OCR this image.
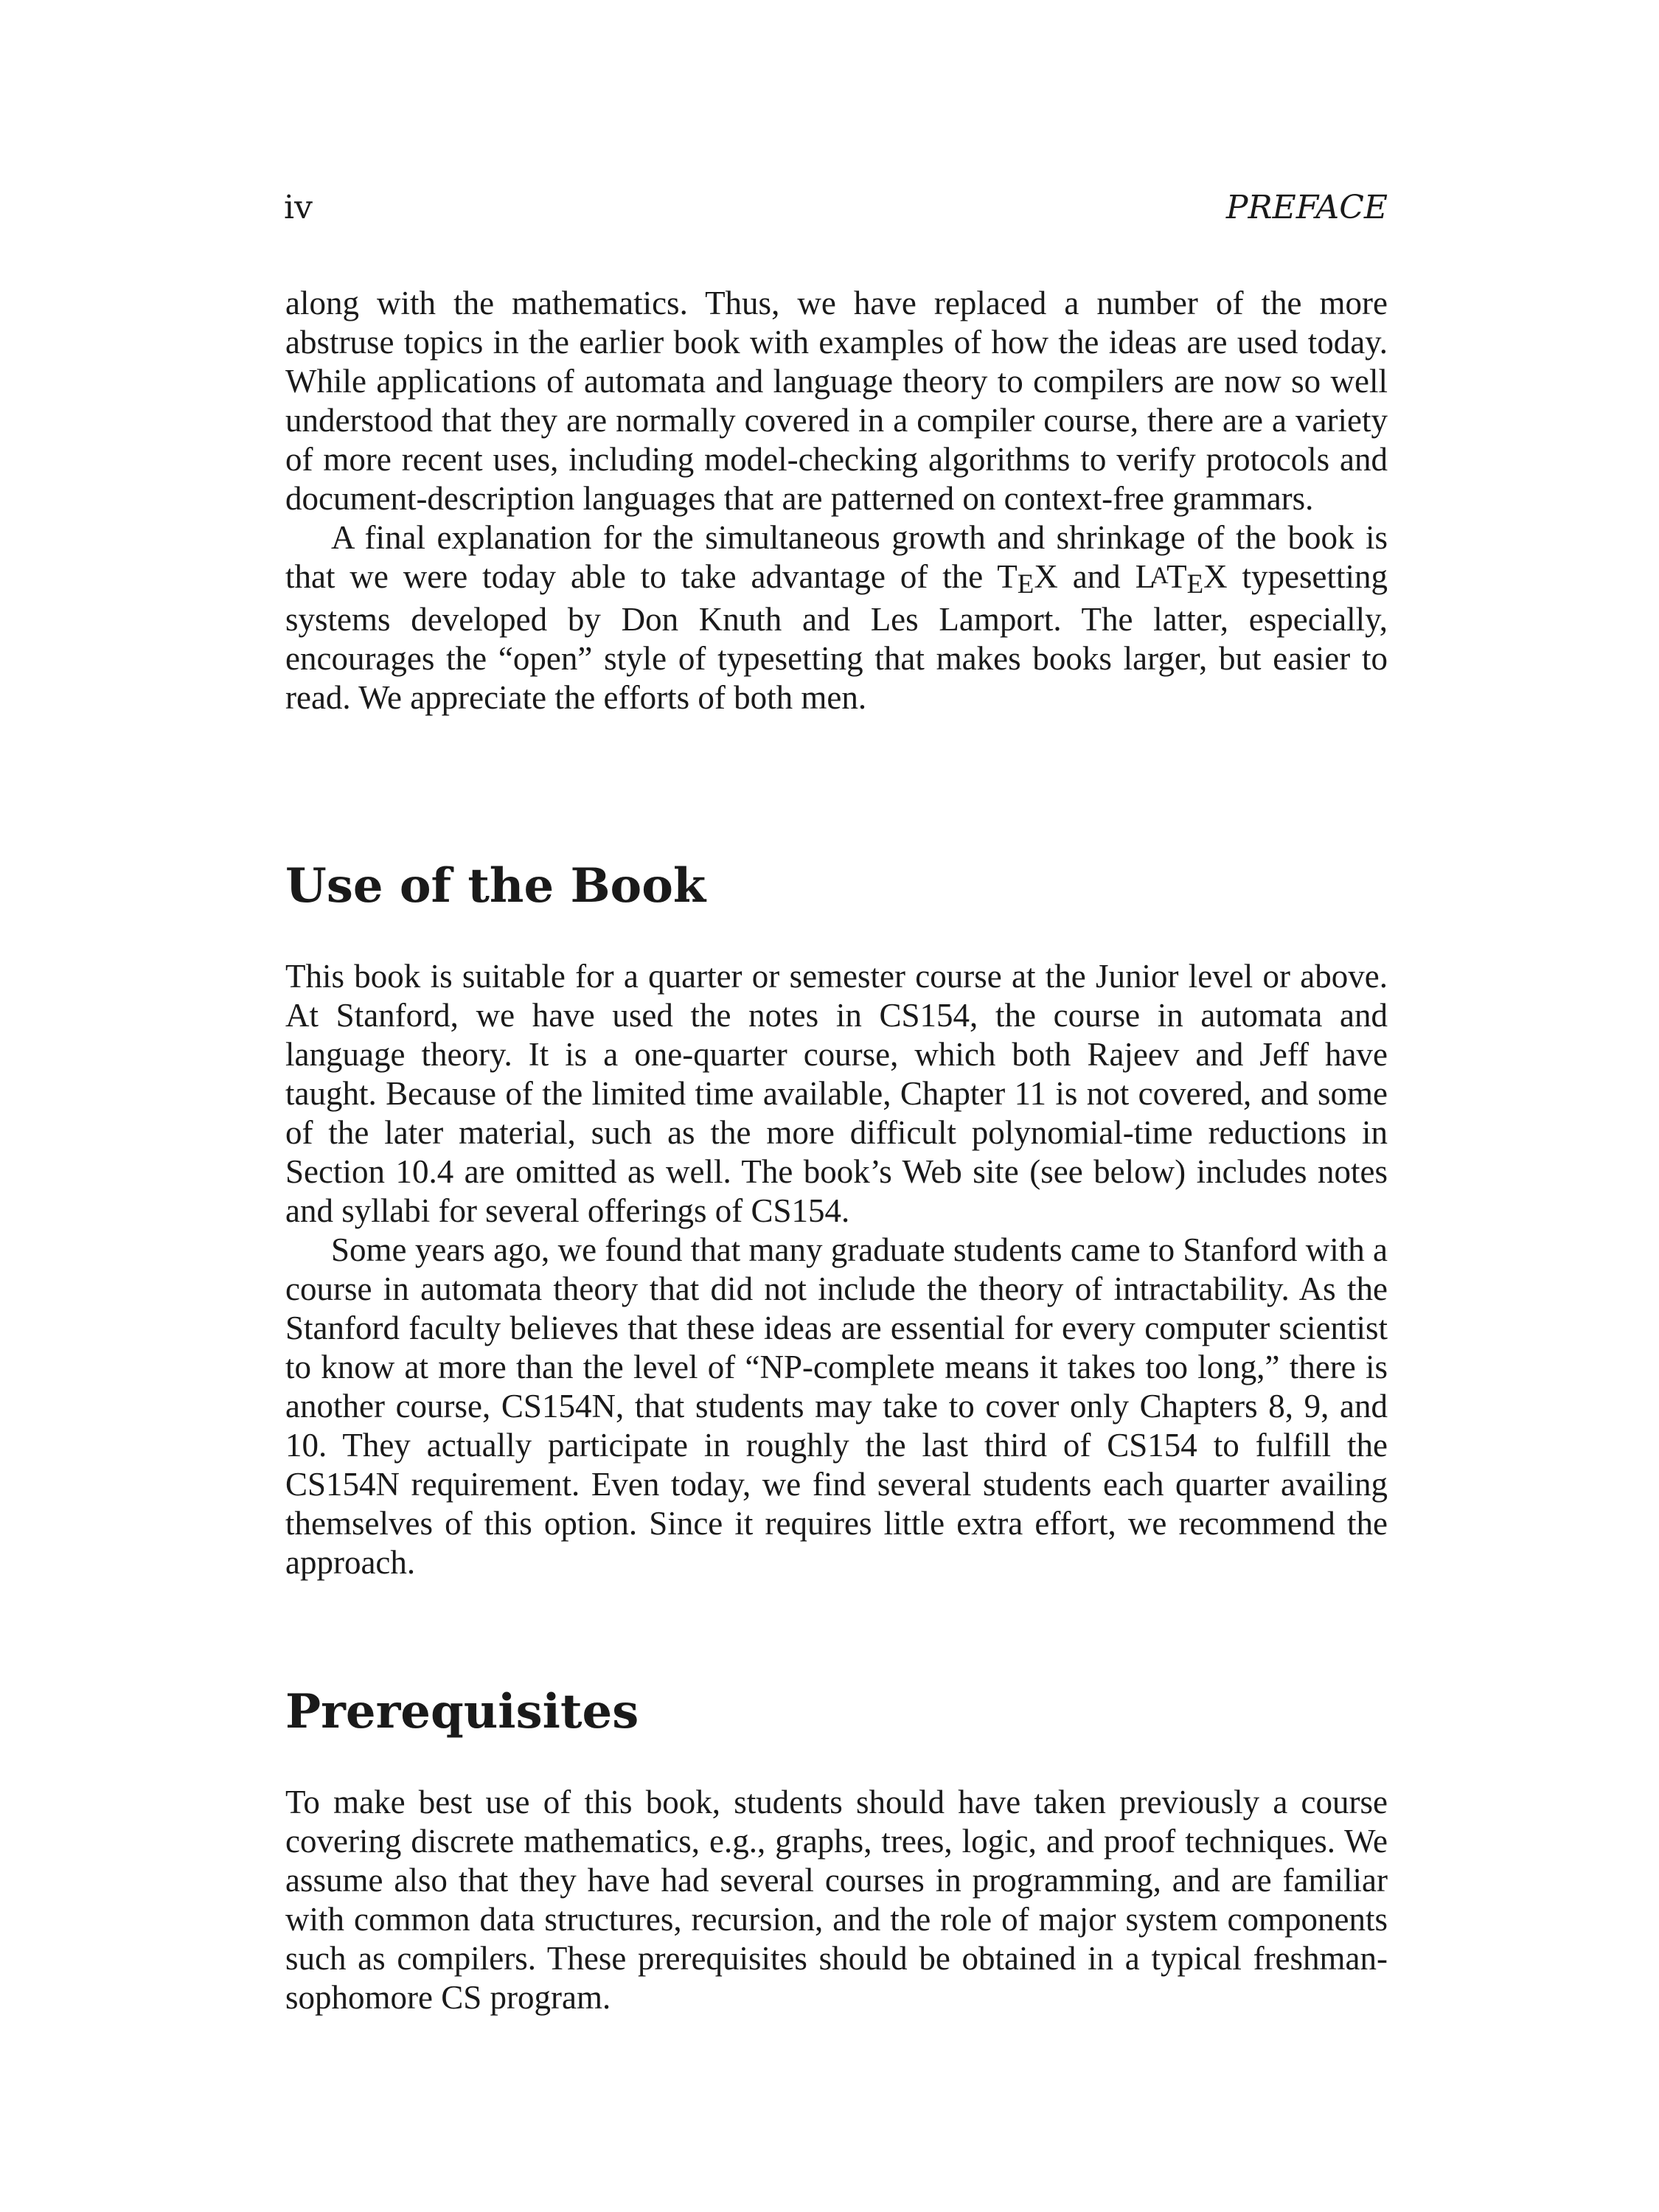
iv	PREFACE

along with the mathematics. Thus, we have replaced a number of the more abstruse topics in the earlier book with examples of how the ideas are used today. While applications of automata and language theory to compilers are now so well understood that they are normally covered in a compiler course, there are a variety of more recent uses, including model-checking algorithms to verify protocols and document-description languages that are patterned on context-free grammars.

A final explanation for the simultaneous growth and shrinkage of the book is that we were today able to take advantage of the TEX and LATEX typesetting systems developed by Don Knuth and Les Lamport. The latter, especially, encourages the “open” style of typesetting that makes books larger, but easier to read. We appreciate the efforts of both men.

Use of the Book

This book is suitable for a quarter or semester course at the Junior level or above. At Stanford, we have used the notes in CS154, the course in automata and language theory. It is a one-quarter course, which both Rajeev and Jeff have taught. Because of the limited time available, Chapter 11 is not covered, and some of the later material, such as the more difficult polynomial-time reductions in Section 10.4 are omitted as well. The book’s Web site (see below) includes notes and syllabi for several offerings of CS154.

Some years ago, we found that many graduate students came to Stanford with a course in automata theory that did not include the theory of intractability. As the Stanford faculty believes that these ideas are essential for every computer scientist to know at more than the level of “NP-complete means it takes too long,” there is another course, CS154N, that students may take to cover only Chapters 8, 9, and 10. They actually participate in roughly the last third of CS154 to fulfill the CS154N requirement. Even today, we find several students each quarter availing themselves of this option. Since it requires little extra effort, we recommend the approach.

Prerequisites

To make best use of this book, students should have taken previously a course covering discrete mathematics, e.g., graphs, trees, logic, and proof techniques. We assume also that they have had several courses in programming, and are familiar with common data structures, recursion, and the role of major system components such as compilers. These prerequisites should be obtained in a typical freshman-sophomore CS program.
